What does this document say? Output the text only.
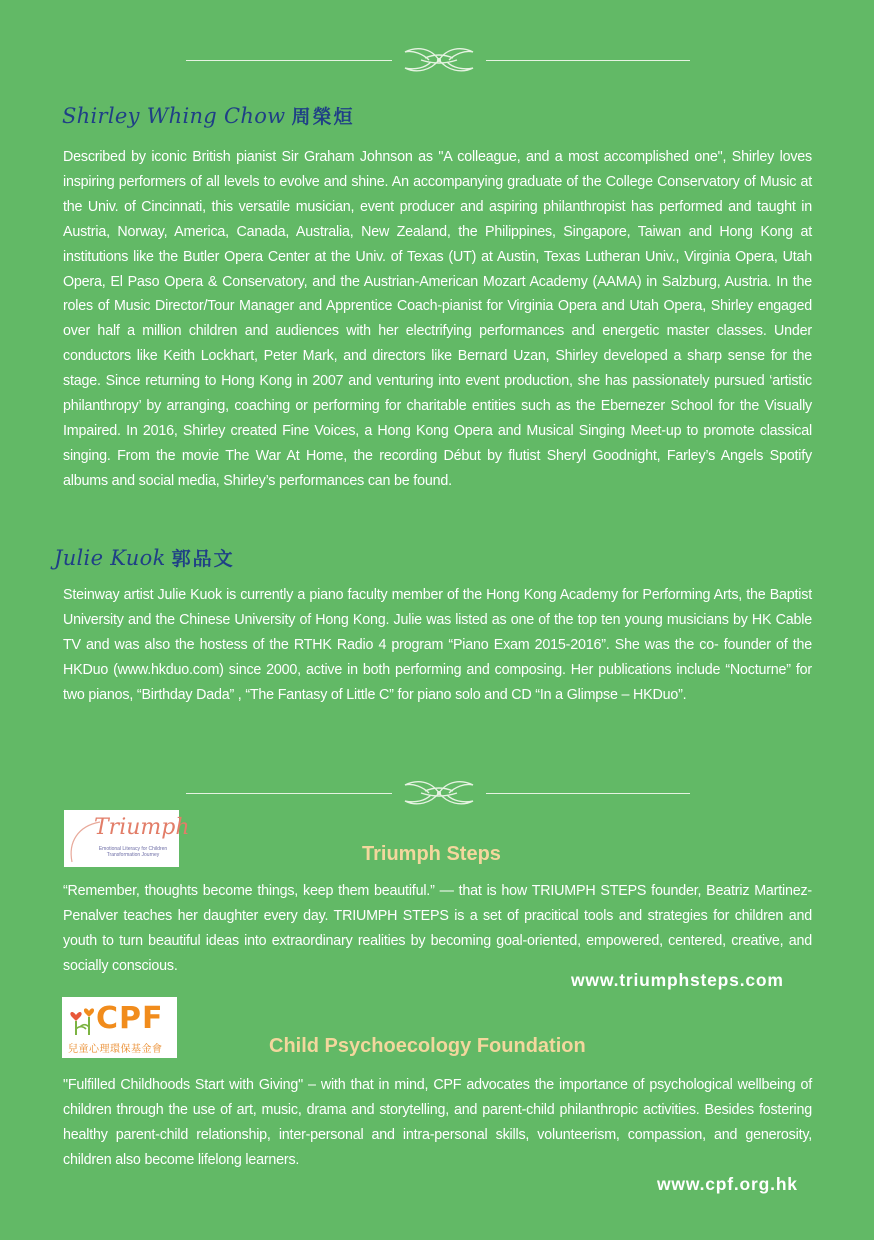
Shirley Whing Chow 周榮烜

Described by iconic British pianist Sir Graham Johnson as "A colleague, and a most accomplished one", Shirley loves inspiring performers of all levels to evolve and shine. An accompanying graduate of the College Conservatory of Music at the Univ. of Cincinnati, this versatile musician, event producer and aspiring philanthropist has performed and taught in Austria, Norway, America, Canada, Australia, New Zealand, the Philippines, Singapore, Taiwan and Hong Kong at institutions like the Butler Opera Center at the Univ. of Texas (UT) at Austin, Texas Lutheran Univ., Virginia Opera, Utah Opera, El Paso Opera & Conservatory, and the Austrian-American Mozart Academy (AAMA) in Salzburg, Austria. In the roles of Music Director/Tour Manager and Apprentice Coach-pianist for Virginia Opera and Utah Opera, Shirley engaged over half a million children and audiences with her electrifying performances and energetic master classes. Under conductors like Keith Lockhart, Peter Mark, and directors like Bernard Uzan, Shirley developed a sharp sense for the stage. Since returning to Hong Kong in 2007 and venturing into event production, she has passionately pursued ‘artistic philanthropy’ by arranging, coaching or performing for charitable entities such as the Ebernezer School for the Visually Impaired. In 2016, Shirley created Fine Voices, a Hong Kong Opera and Musical Singing Meet-up to promote classical singing. From the movie The War At Home, the recording Début by flutist Sheryl Goodnight, Farley’s Angels Spotify albums and social media, Shirley’s performances can be found.

Julie Kuok 郭品文

Steinway artist Julie Kuok is currently a piano faculty member of the Hong Kong Academy for Performing Arts, the Baptist University and the Chinese University of Hong Kong. Julie was listed as one of the top ten young musicians by HK Cable TV and was also the hostess of the RTHK Radio 4 program “Piano Exam 2015-2016”. She was the co- founder of the HKDuo (www.hkduo.com) since 2000, active in both performing and composing. Her publications include “Nocturne” for two pianos, “Birthday Dada” , “The Fantasy of Little C” for piano solo and CD “In a Glimpse – HKDuo”.

Triumph
Emotional Literacy for Children Transformation Journey	Triumph Steps

“Remember, thoughts become things, keep them beautiful.” — that is how TRIUMPH STEPS founder, Beatriz Martinez-Penalver teaches her daughter every day. TRIUMPH STEPS is a set of pracitical tools and strategies for children and youth to turn beautiful ideas into extraordinary realities by becoming goal-oriented, empowered, centered, creative, and socially conscious.

www.triumphsteps.com
CPF
兒童心理環保基金會	Child Psychoecology Foundation

"Fulfilled Childhoods Start with Giving" – with that in mind, CPF advocates the importance of psychological wellbeing of children through the use of art, music, drama and storytelling, and parent-child philanthropic activities. Besides fostering healthy parent-child relationship, inter-personal and intra-personal skills, volunteerism, compassion, and generosity, children also become lifelong learners.

www.cpf.org.hk
